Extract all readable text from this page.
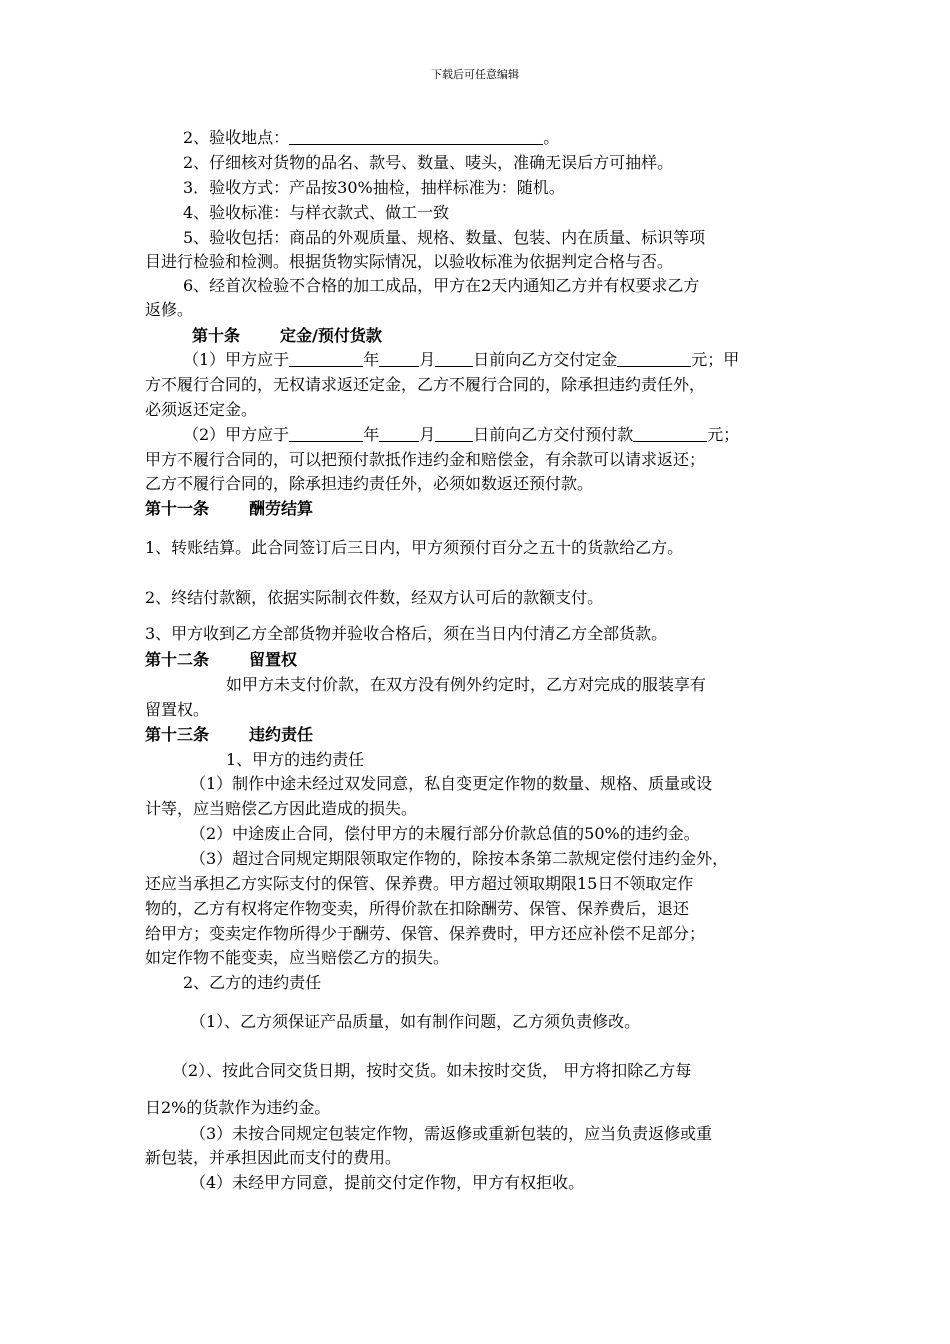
下载后可任意编辑
2、验收地点：	。
2、仔细核对货物的品名、款号、数量、唛头，准确无误后方可抽样。
3．验收方式：产品按30%抽检，抽样标准为：随机。
4、验收标准：与样衣款式、做工一致
5、验收包括：商品的外观质量、规格、数量、包装、内在质量、标识等项
目进行检验和检测。根据货物实际情况，以验收标准为依据判定合格与否。
6、经首次检验不合格的加工成品，甲方在2天内通知乙方并有权要求乙方
返修。
第十条	定金/预付货款
（1）甲方应于	年	月 日前向乙方交付定金	元；甲
方不履行合同的，无权请求返还定金，乙方不履行合同的，除承担违约责任外，
必须返还定金。
（2）甲方应于	年	月 日前向乙方交付预付款	元；
甲方不履行合同的，可以把预付款抵作违约金和赔偿金，有余款可以请求返还；
乙方不履行合同的，除承担违约责任外，必须如数返还预付款。
第十一条	酬劳结算
1、转账结算。此合同签订后三日内，甲方须预付百分之五十的货款给乙方。
2、终结付款额，依据实际制衣件数，经双方认可后的款额支付。
3、甲方收到乙方全部货物并验收合格后，须在当日内付清乙方全部货款。
第十二条	留置权
如甲方未支付价款，在双方没有例外约定时，乙方对完成的服装享有
留置权。
第十三条	违约责任
1、甲方的违约责任
（1）制作中途未经过双发同意，私自变更定作物的数量、规格、质量或设
计等，应当赔偿乙方因此造成的损失。
（2）中途废止合同，偿付甲方的未履行部分价款总值的50%的违约金。
（3）超过合同规定期限领取定作物的，除按本条第二款规定偿付违约金外，
还应当承担乙方实际支付的保管、保养费。甲方超过领取期限15日不领取定作
物的，乙方有权将定作物变卖，所得价款在扣除酬劳、保管、保养费后，退还
给甲方；变卖定作物所得少于酬劳、保管、保养费时，甲方还应补偿不足部分；
如定作物不能变卖，应当赔偿乙方的损失。
2、乙方的违约责任
（1）、乙方须保证产品质量，如有制作问题，乙方须负责修改。
（2）、按此合同交货日期，按时交货。如未按时交货， 甲方将扣除乙方每
日2%的货款作为违约金。
（3）未按合同规定包装定作物，需返修或重新包装的，应当负责返修或重
新包装，并承担因此而支付的费用。
（4）未经甲方同意，提前交付定作物，甲方有权拒收。
